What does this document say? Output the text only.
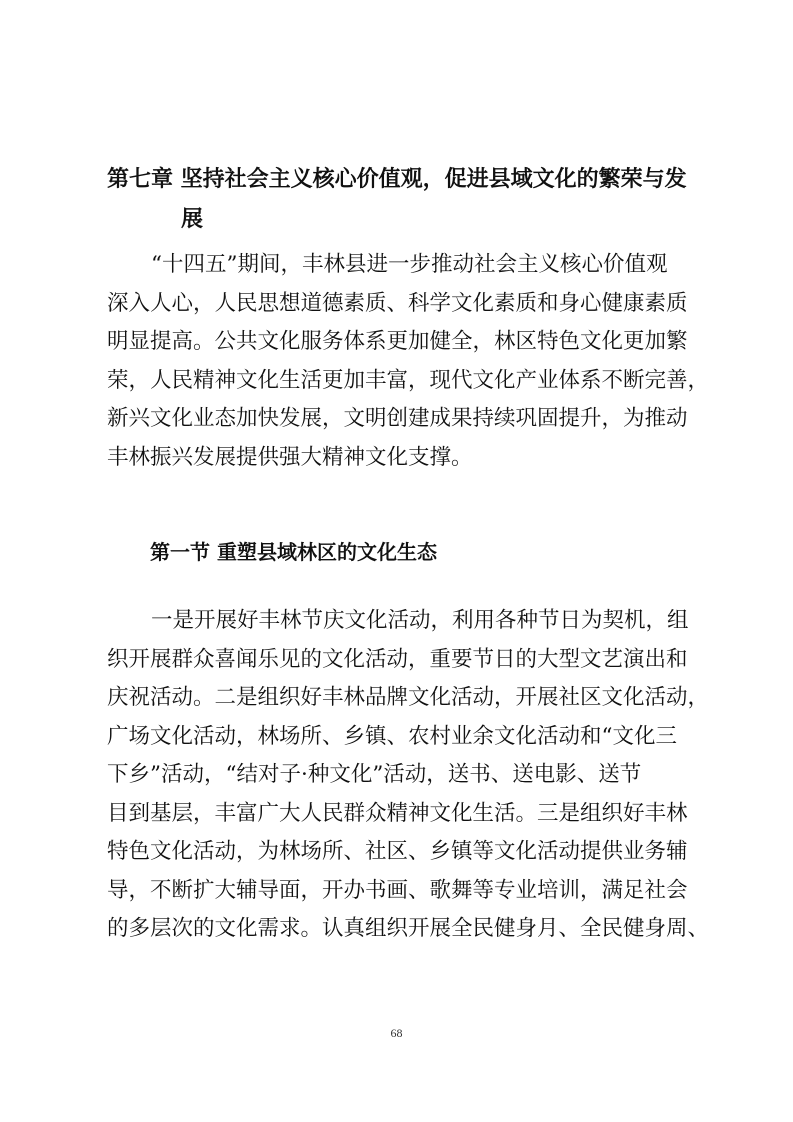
第七章 坚持社会主义核心价值观，促进县域文化的繁荣与发
展

“十四五”期间，丰林县进一步推动社会主义核心价值观
深入人心，人民思想道德素质、科学文化素质和身心健康素质
明显提高。公共文化服务体系更加健全，林区特色文化更加繁
荣，人民精神文化生活更加丰富，现代文化产业体系不断完善，
新兴文化业态加快发展，文明创建成果持续巩固提升，为推动
丰林振兴发展提供强大精神文化支撑。

第一节 重塑县域林区的文化生态

一是开展好丰林节庆文化活动，利用各种节日为契机，组
织开展群众喜闻乐见的文化活动，重要节日的大型文艺演出和
庆祝活动。二是组织好丰林品牌文化活动，开展社区文化活动，
广场文化活动，林场所、乡镇、农村业余文化活动和“文化三
下乡”活动，“结对子·种文化”活动，送书、送电影、送节
目到基层，丰富广大人民群众精神文化生活。三是组织好丰林
特色文化活动，为林场所、社区、乡镇等文化活动提供业务辅
导，不断扩大辅导面，开办书画、歌舞等专业培训，满足社会
的多层次的文化需求。认真组织开展全民健身月、全民健身周、

68
